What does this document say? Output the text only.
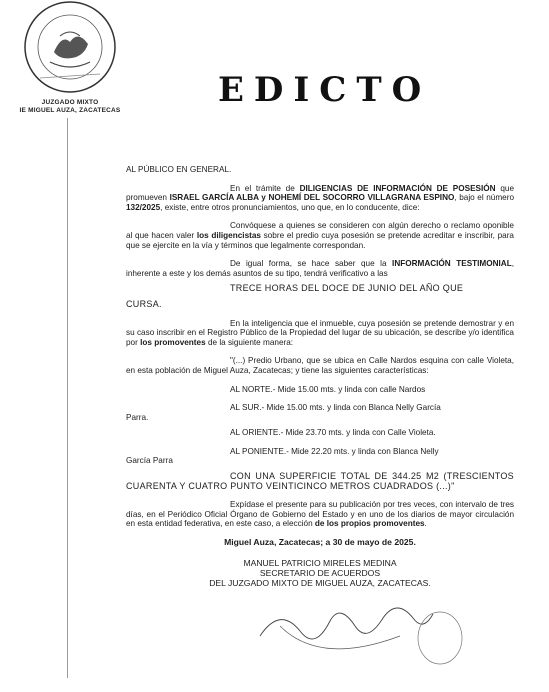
JUZGADO MIXTO
IE MIGUEL AUZA, ZACATECAS
EDICTO

AL PÚBLICO EN GENERAL.

En el trámite de DILIGENCIAS DE INFORMACIÓN DE POSESIÓN que promueven ISRAEL GARCÍA ALBA y NOHEMÍ DEL SOCORRO VILLAGRANA ESPINO, bajo el número 132/2025, existe, entre otros pronunciamientos, uno que, en lo conducente, dice:

Convóquese a quienes se consideren con algún derecho o reclamo oponible al que hacen valer los diligencistas sobre el predio cuya posesión se pretende acreditar e inscribir, para que se ejercite en la vía y términos que legalmente correspondan.

De igual forma, se hace saber que la INFORMACIÓN TESTIMONIAL, inherente a este y los demás asuntos de su tipo, tendrá verificativo a las

TRECE HORAS DEL DOCE DE JUNIO DEL AÑO QUE

CURSA.

En la inteligencia que el inmueble, cuya posesión se pretende demostrar y en su caso inscribir en el Registro Público de la Propiedad del lugar de su ubicación, se describe y/o identifica por los promoventes de la siguiente manera:

"(...) Predio Urbano, que se ubica en Calle Nardos esquina con calle Violeta, en esta población de Miguel Auza, Zacatecas; y tiene las siguientes características:

AL NORTE.- Mide 15.00 mts. y linda con calle Nardos

AL SUR.- Mide 15.00 mts. y linda con Blanca Nelly García

Parra.

AL ORIENTE.- Mide 23.70 mts. y linda con Calle Violeta.

AL PONIENTE.- Mide 22.20 mts. y linda con Blanca Nelly

García Parra

CON UNA SUPERFICIE TOTAL DE 344.25 M2 (TRESCIENTOS CUARENTA Y CUATRO PUNTO VEINTICINCO METROS CUADRADOS (...)"

Expídase el presente para su publicación por tres veces, con intervalo de tres días, en el Periódico Oficial Órgano de Gobierno del Estado y en uno de los diarios de mayor circulación en esta entidad federativa, en este caso, a elección de los propios promoventes.

Miguel Auza, Zacatecas; a 30 de mayo de 2025.

MANUEL PATRICIO MIRELES MEDINA
SECRETARIO DE ACUERDOS
DEL JUZGADO MIXTO DE MIGUEL AUZA, ZACATECAS.
